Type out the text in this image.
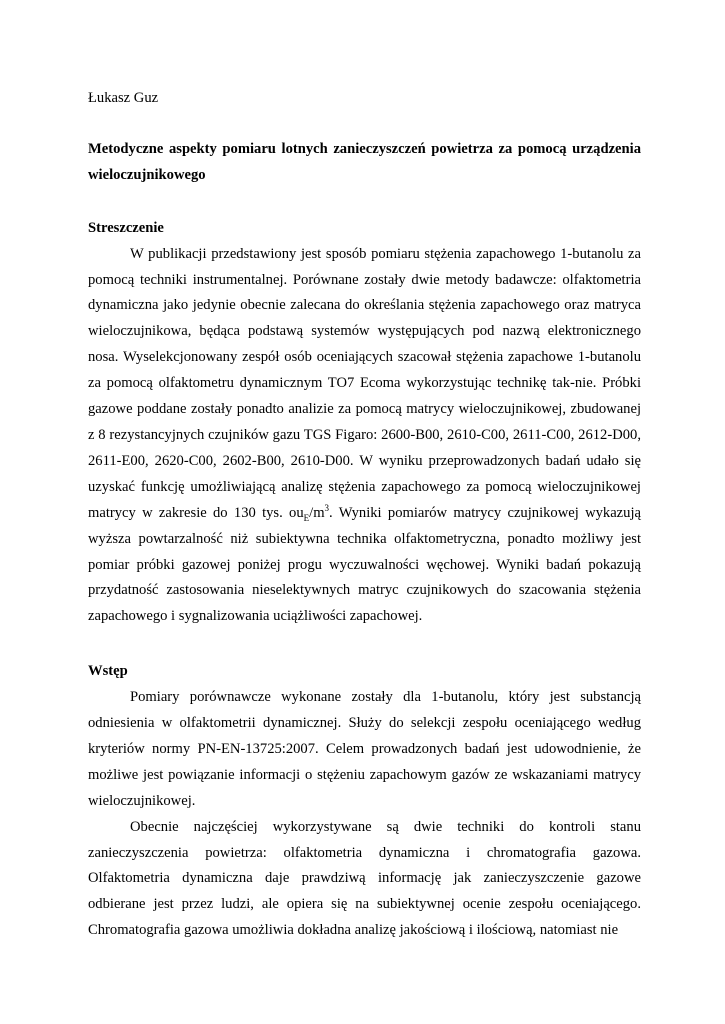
Łukasz Guz

Metodyczne aspekty pomiaru lotnych zanieczyszczeń powietrza za pomocą urządzenia wieloczujnikowego

Streszczenie

W publikacji przedstawiony jest sposób pomiaru stężenia zapachowego 1-butanolu za pomocą techniki instrumentalnej. Porównane zostały dwie metody badawcze: olfaktometria dynamiczna jako jedynie obecnie zalecana do określania stężenia zapachowego oraz matryca wieloczujnikowa, będąca podstawą systemów występujących pod nazwą elektronicznego nosa. Wyselekcjonowany zespół osób oceniających szacował stężenia zapachowe 1-butanolu za pomocą olfaktometru dynamicznym TO7 Ecoma wykorzystując technikę tak-nie. Próbki gazowe poddane zostały ponadto analizie za pomocą matrycy wieloczujnikowej, zbudowanej z 8 rezystancyjnych czujników gazu TGS Figaro: 2600-B00, 2610-C00, 2611-C00, 2612-D00, 2611-E00, 2620-C00, 2602-B00, 2610-D00. W wyniku przeprowadzonych badań udało się uzyskać funkcję umożliwiającą analizę stężenia zapachowego za pomocą wieloczujnikowej matrycy w zakresie do 130 tys. $ou_E/m^3$. Wyniki pomiarów matrycy czujnikowej wykazują wyższa powtarzalność niż subiektywna technika olfaktometryczna, ponadto możliwy jest pomiar próbki gazowej poniżej progu wyczuwalności węchowej. Wyniki badań pokazują przydatność zastosowania nieselektywnych matryc czujnikowych do szacowania stężenia zapachowego i sygnalizowania uciążliwości zapachowej.

Wstęp

Pomiary porównawcze wykonane zostały dla 1-butanolu, który jest substancją odniesienia w olfaktometrii dynamicznej. Służy do selekcji zespołu oceniającego według kryteriów normy PN-EN-13725:2007. Celem prowadzonych badań jest udowodnienie, że możliwe jest powiązanie informacji o stężeniu zapachowym gazów ze wskazaniami matrycy wieloczujnikowej.

Obecnie najczęściej wykorzystywane są dwie techniki do kontroli stanu zanieczyszczenia powietrza: olfaktometria dynamiczna i chromatografia gazowa. Olfaktometria dynamiczna daje prawdziwą informację jak zanieczyszczenie gazowe odbierane jest przez ludzi, ale opiera się na subiektywnej ocenie zespołu oceniającego. Chromatografia gazowa umożliwia dokładna analizę jakościową i ilościową, natomiast nie
